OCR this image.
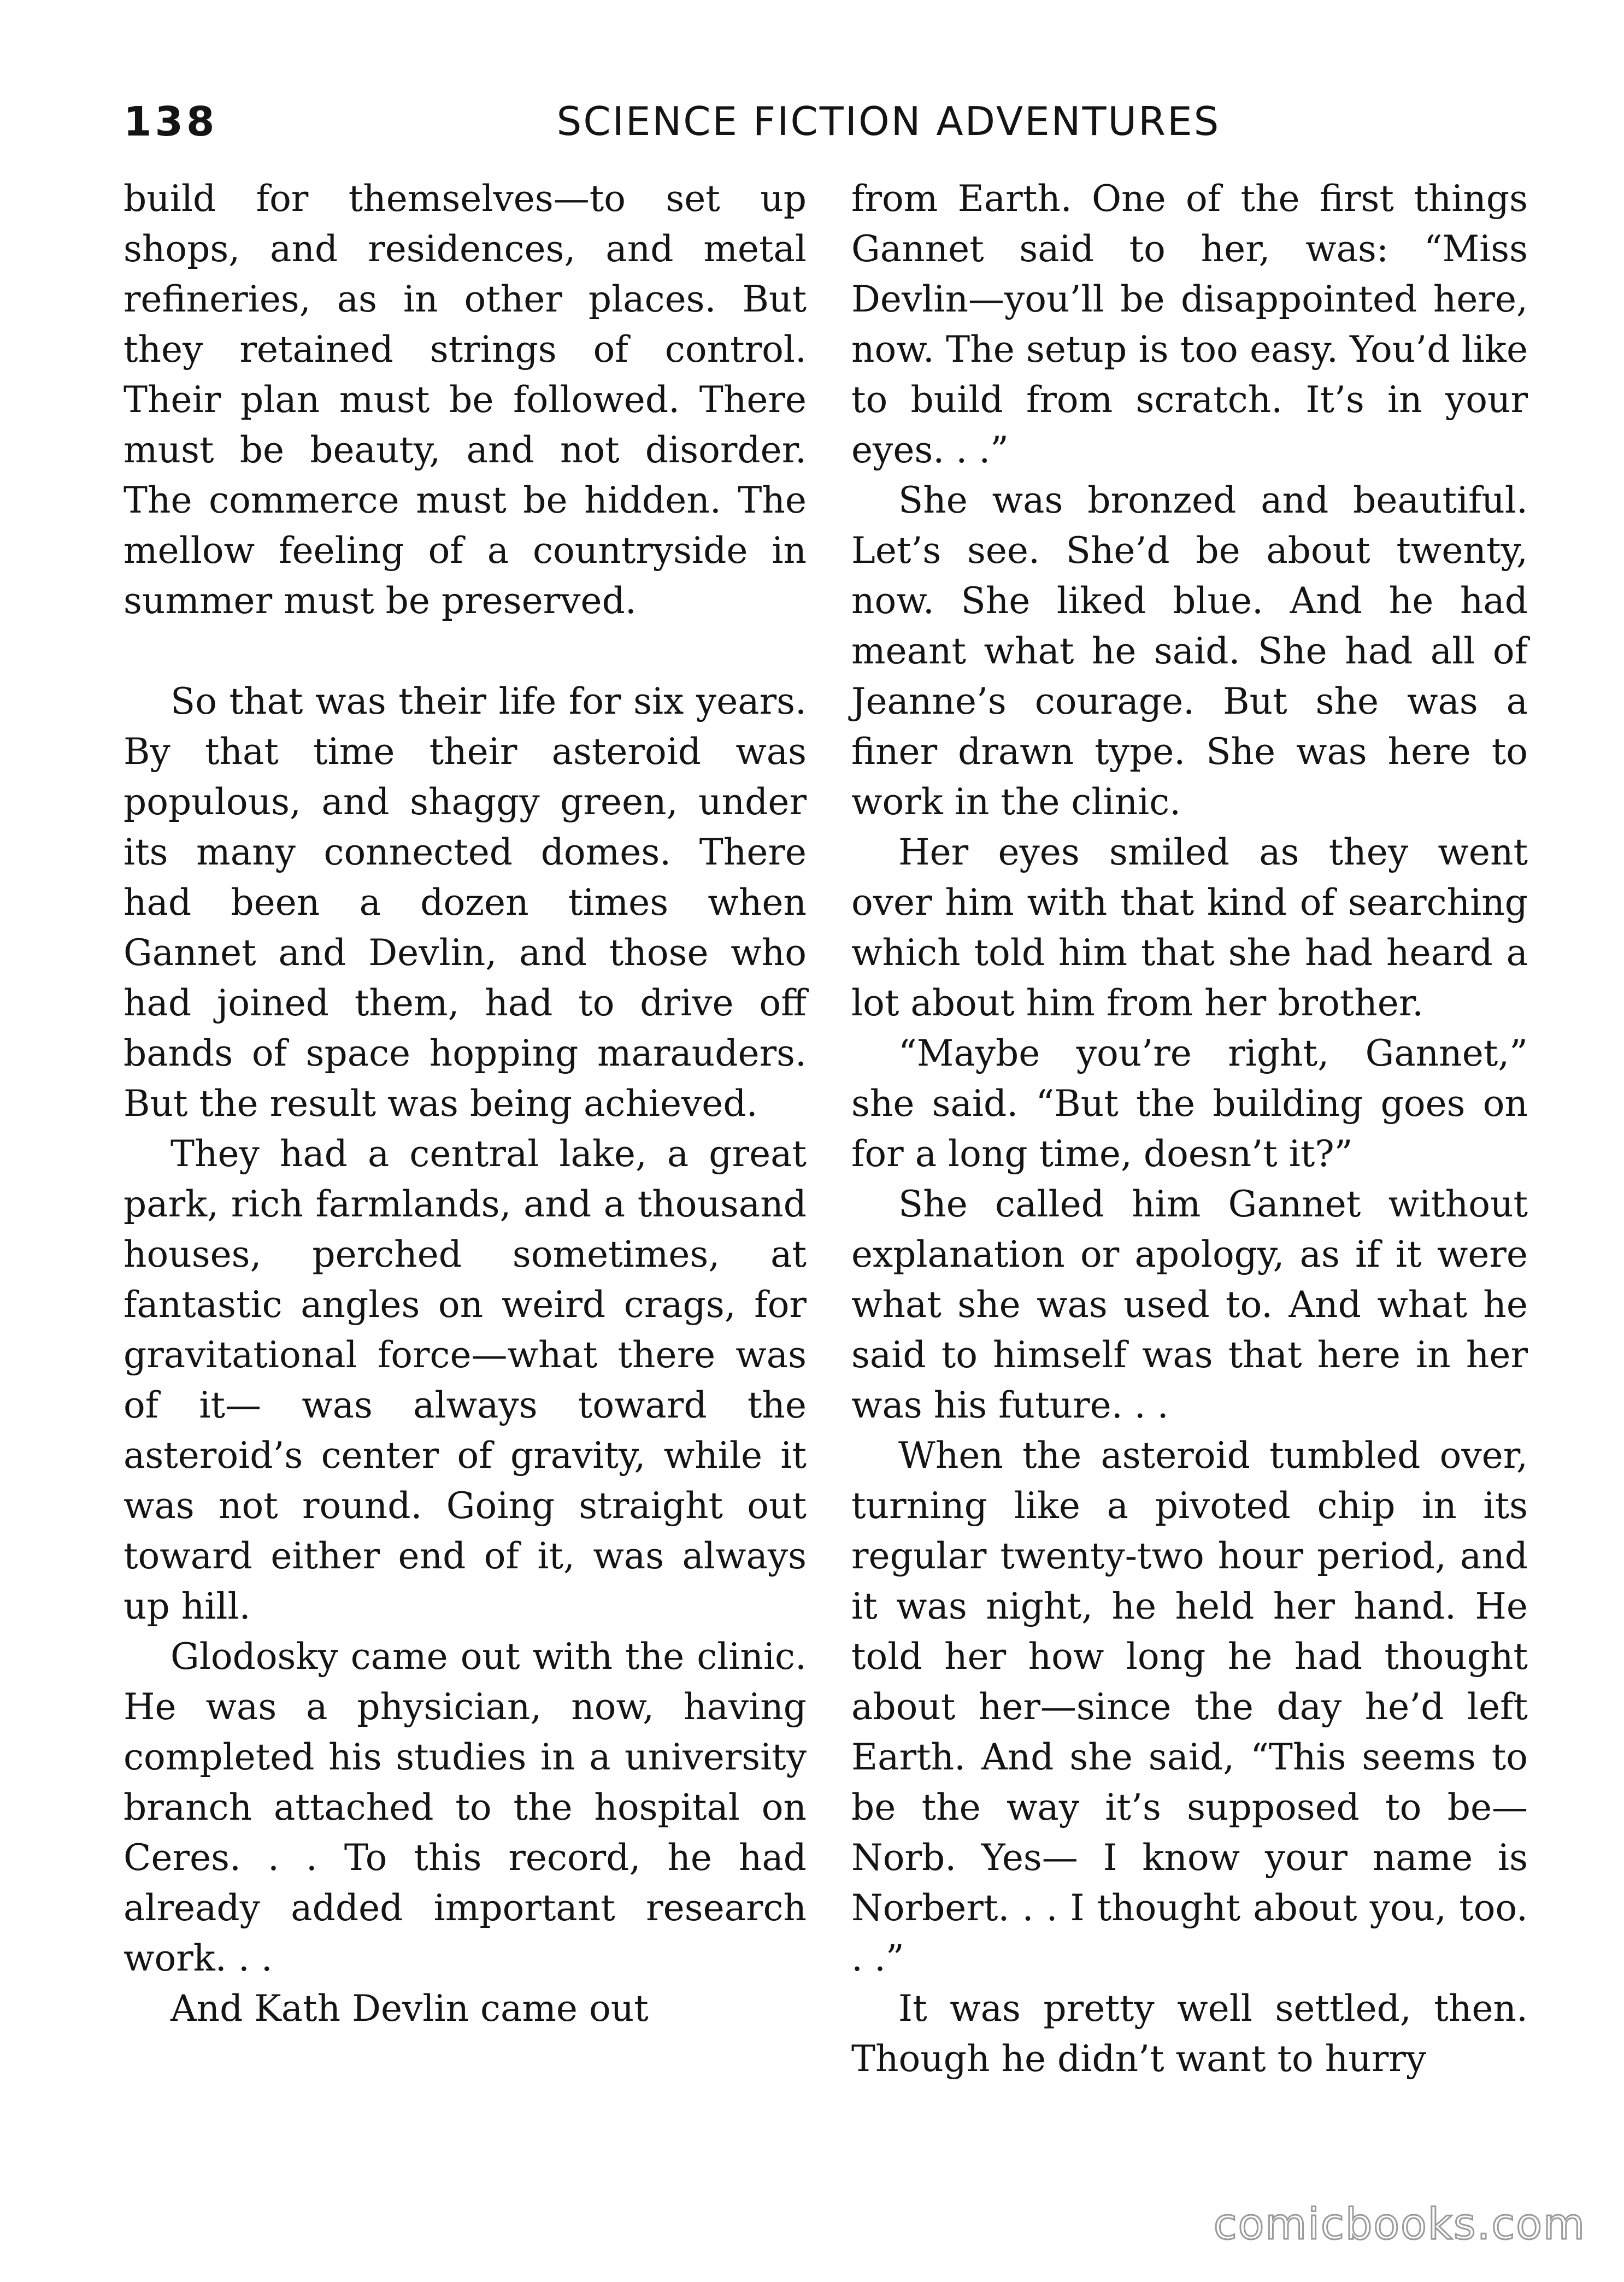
138	SCIENCE FICTION ADVENTURES

build for themselves—to set up shops, and residences, and metal refineries, as in other places. But they retained strings of control. Their plan must be followed. There must be beauty, and not disorder. The commerce must be hidden. The mellow feeling of a countryside in summer must be preserved.

So that was their life for six years. By that time their asteroid was populous, and shaggy green, under its many connected domes. There had been a dozen times when Gannet and Devlin, and those who had joined them, had to drive off bands of space hopping marauders. But the result was being achieved.

They had a central lake, a great park, rich farmlands, and a thousand houses, perched sometimes, at fantastic angles on weird crags, for gravitational force—what there was of it— was always toward the asteroid’s center of gravity, while it was not round. Going straight out toward either end of it, was always up hill.

Glodosky came out with the clinic. He was a physician, now, having completed his studies in a university branch attached to the hospital on Ceres. . . To this record, he had already added important research work. . .

And Kath Devlin came out

from Earth. One of the first things Gannet said to her, was: “Miss Devlin—you’ll be disappointed here, now. The setup is too easy. You’d like to build from scratch. It’s in your eyes. . .”

She was bronzed and beautiful. Let’s see. She’d be about twenty, now. She liked blue. And he had meant what he said. She had all of Jeanne’s courage. But she was a finer drawn type. She was here to work in the clinic.

Her eyes smiled as they went over him with that kind of searching which told him that she had heard a lot about him from her brother.

“Maybe you’re right, Gannet,” she said. “But the building goes on for a long time, doesn’t it?”

She called him Gannet without explanation or apology, as if it were what she was used to. And what he said to himself was that here in her was his future. . .

When the asteroid tumbled over, turning like a pivoted chip in its regular twenty-two hour period, and it was night, he held her hand. He told her how long he had thought about her—since the day he’d left Earth. And she said, “This seems to be the way it’s supposed to be—Norb. Yes— I know your name is Norbert. . . I thought about you, too. . .”

It was pretty well settled, then. Though he didn’t want to hurry

comicbooks.com
